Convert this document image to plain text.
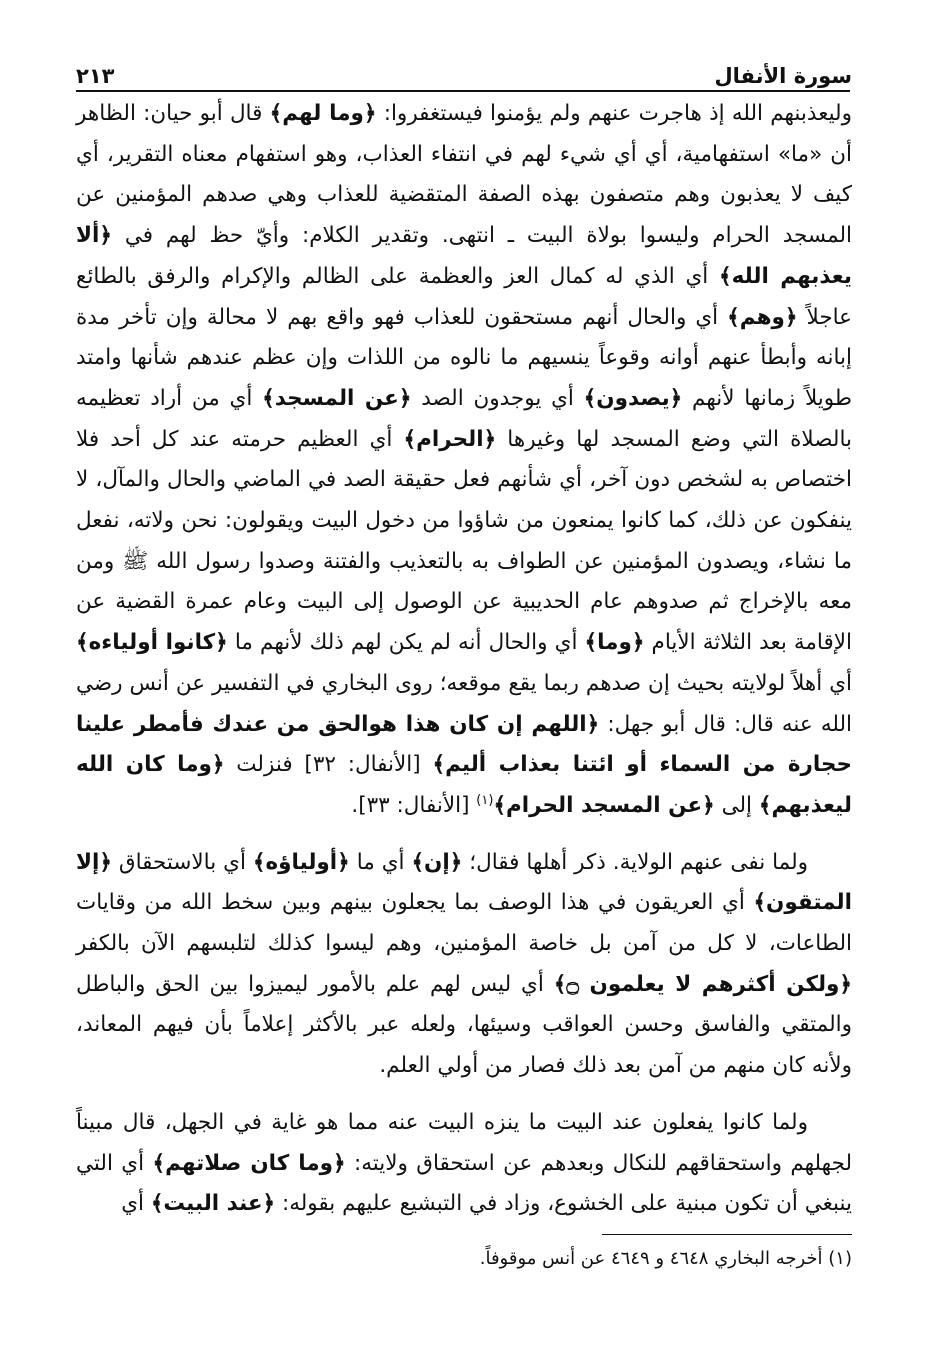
سورة الأنفال
٢١٣

وليعذبنهم الله إذ هاجرت عنهم ولم يؤمنوا فيستغفروا: ﴿وما لهم﴾ قال أبو حيان: الظاهر أن «ما» استفهامية، أي أي شيء لهم في انتفاء العذاب، وهو استفهام معناه التقرير، أي كيف لا يعذبون وهم متصفون بهذه الصفة المتقضية للعذاب وهي صدهم المؤمنين عن المسجد الحرام وليسوا بولاة البيت ـ انتهى. وتقدير الكلام: وأيّ حظ لهم في ﴿ألا يعذبهم الله﴾ أي الذي له كمال العز والعظمة على الظالم والإكرام والرفق بالطائع عاجلاً ﴿وهم﴾ أي والحال أنهم مستحقون للعذاب فهو واقع بهم لا محالة وإن تأخر مدة إبانه وأبطأ عنهم أوانه وقوعاً ينسيهم ما نالوه من اللذات وإن عظم عندهم شأنها وامتد طويلاً زمانها لأنهم ﴿يصدون﴾ أي يوجدون الصد ﴿عن المسجد﴾ أي من أراد تعظيمه بالصلاة التي وضع المسجد لها وغيرها ﴿الحرام﴾ أي العظيم حرمته عند كل أحد فلا اختصاص به لشخص دون آخر، أي شأنهم فعل حقيقة الصد في الماضي والحال والمآل، لا ينفكون عن ذلك، كما كانوا يمنعون من شاؤوا من دخول البيت ويقولون: نحن ولاته، نفعل ما نشاء، ويصدون المؤمنين عن الطواف به بالتعذيب والفتنة وصدوا رسول الله ﷺ ومن معه بالإخراج ثم صدوهم عام الحديبية عن الوصول إلى البيت وعام عمرة القضية عن الإقامة بعد الثلاثة الأيام ﴿وما﴾ أي والحال أنه لم يكن لهم ذلك لأنهم ما ﴿كانوا أولياءه﴾ أي أهلاً لولايته بحيث إن صدهم ربما يقع موقعه؛ روى البخاري في التفسير عن أنس رضي الله عنه قال: قال أبو جهل: ﴿اللهم إن كان هذا هوالحق من عندك فأمطر علينا حجارة من السماء أو ائتنا بعذاب أليم﴾ [الأنفال: ٣٢] فنزلت ﴿وما كان الله ليعذبهم﴾ إلى ﴿عن المسجد الحرام﴾$^{(١)}$ [الأنفال: ٣٣].

ولما نفى عنهم الولاية. ذكر أهلها فقال؛ ﴿إن﴾ أي ما ﴿أولياؤه﴾ أي بالاستحقاق ﴿إلا المتقون﴾ أي العريقون في هذا الوصف بما يجعلون بينهم وبين سخط الله من وقايات الطاعات، لا كل من آمن بل خاصة المؤمنين، وهم ليسوا كذلك لتلبسهم الآن بالكفر ﴿ولكن أكثرهم لا يعلمون ۝﴾ أي ليس لهم علم بالأمور ليميزوا بين الحق والباطل والمتقي والفاسق وحسن العواقب وسيئها، ولعله عبر بالأكثر إعلاماً بأن فيهم المعاند، ولأنه كان منهم من آمن بعد ذلك فصار من أولي العلم.

ولما كانوا يفعلون عند البيت ما ينزه البيت عنه مما هو غاية في الجهل، قال مبيناً لجهلهم واستحقاقهم للنكال وبعدهم عن استحقاق ولايته: ﴿وما كان صلاتهم﴾ أي التي ينبغي أن تكون مبنية على الخشوع، وزاد في التبشيع عليهم بقوله: ﴿عند البيت﴾ أي

(١) أخرجه البخاري ٤٦٤٨ و ٤٦٤٩ عن أنس موقوفاً.
